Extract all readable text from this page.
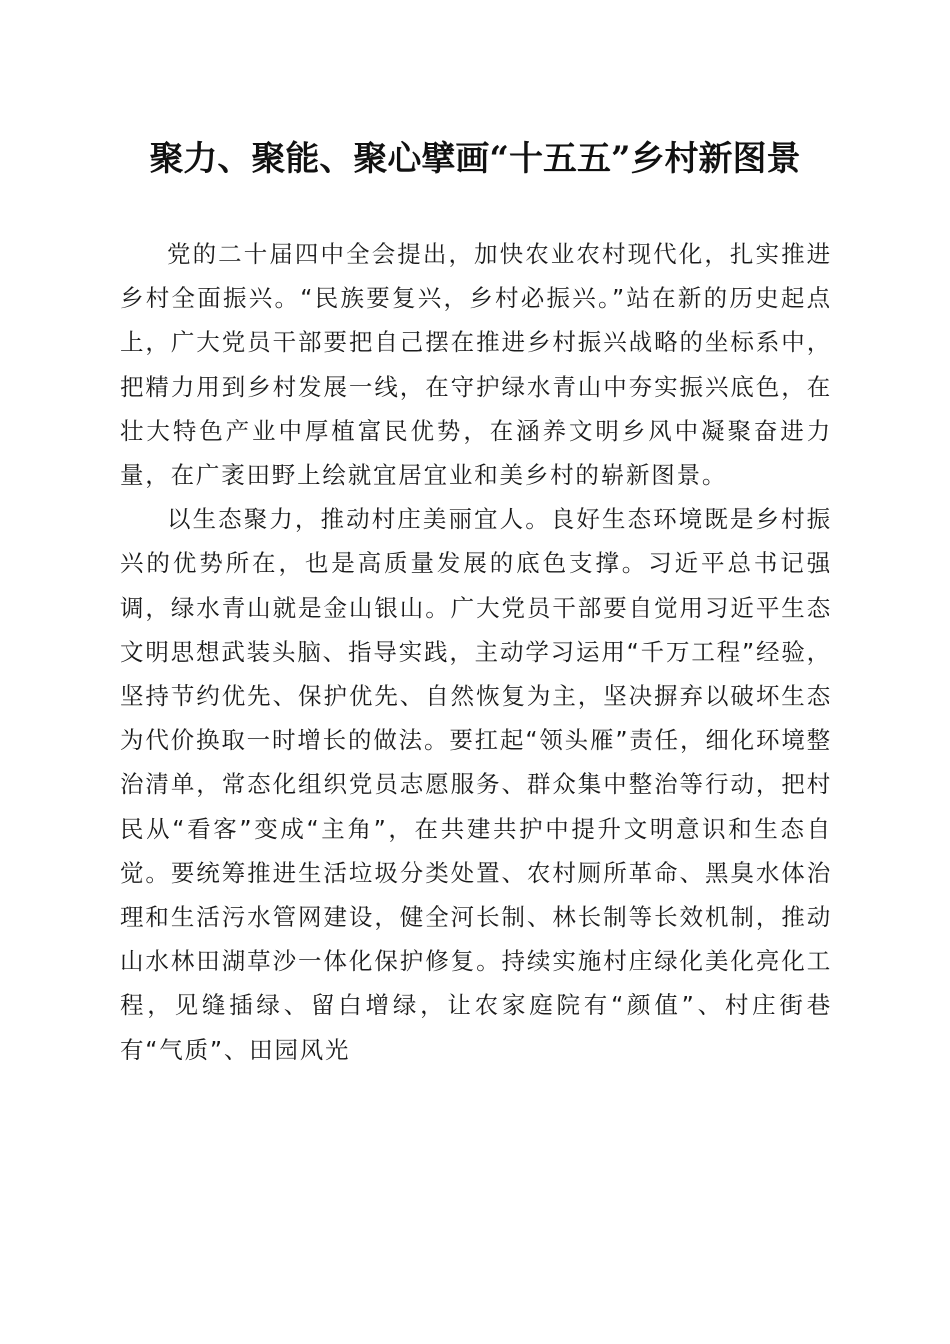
聚力、聚能、聚心擘画“十五五”乡村新图景

党的二十届四中全会提出，加快农业农村现代化，扎实推进乡村全面振兴。“民族要复兴，乡村必振兴。”站在新的历史起点上，广大党员干部要把自己摆在推进乡村振兴战略的坐标系中，把精力用到乡村发展一线，在守护绿水青山中夯实振兴底色，在壮大特色产业中厚植富民优势，在涵养文明乡风中凝聚奋进力量，在广袤田野上绘就宜居宜业和美乡村的崭新图景。

以生态聚力，推动村庄美丽宜人。良好生态环境既是乡村振兴的优势所在，也是高质量发展的底色支撑。习近平总书记强调，绿水青山就是金山银山。广大党员干部要自觉用习近平生态文明思想武装头脑、指导实践，主动学习运用“千万工程”经验，坚持节约优先、保护优先、自然恢复为主，坚决摒弃以破坏生态为代价换取一时增长的做法。要扛起“领头雁”责任，细化环境整治清单，常态化组织党员志愿服务、群众集中整治等行动，把村民从“看客”变成“主角”，在共建共护中提升文明意识和生态自觉。要统筹推进生活垃圾分类处置、农村厕所革命、黑臭水体治理和生活污水管网建设，健全河长制、林长制等长效机制，推动山水林田湖草沙一体化保护修复。持续实施村庄绿化美化亮化工程，见缝插绿、留白增绿，让农家庭院有“颜值”、村庄街巷有“气质”、田园风光
